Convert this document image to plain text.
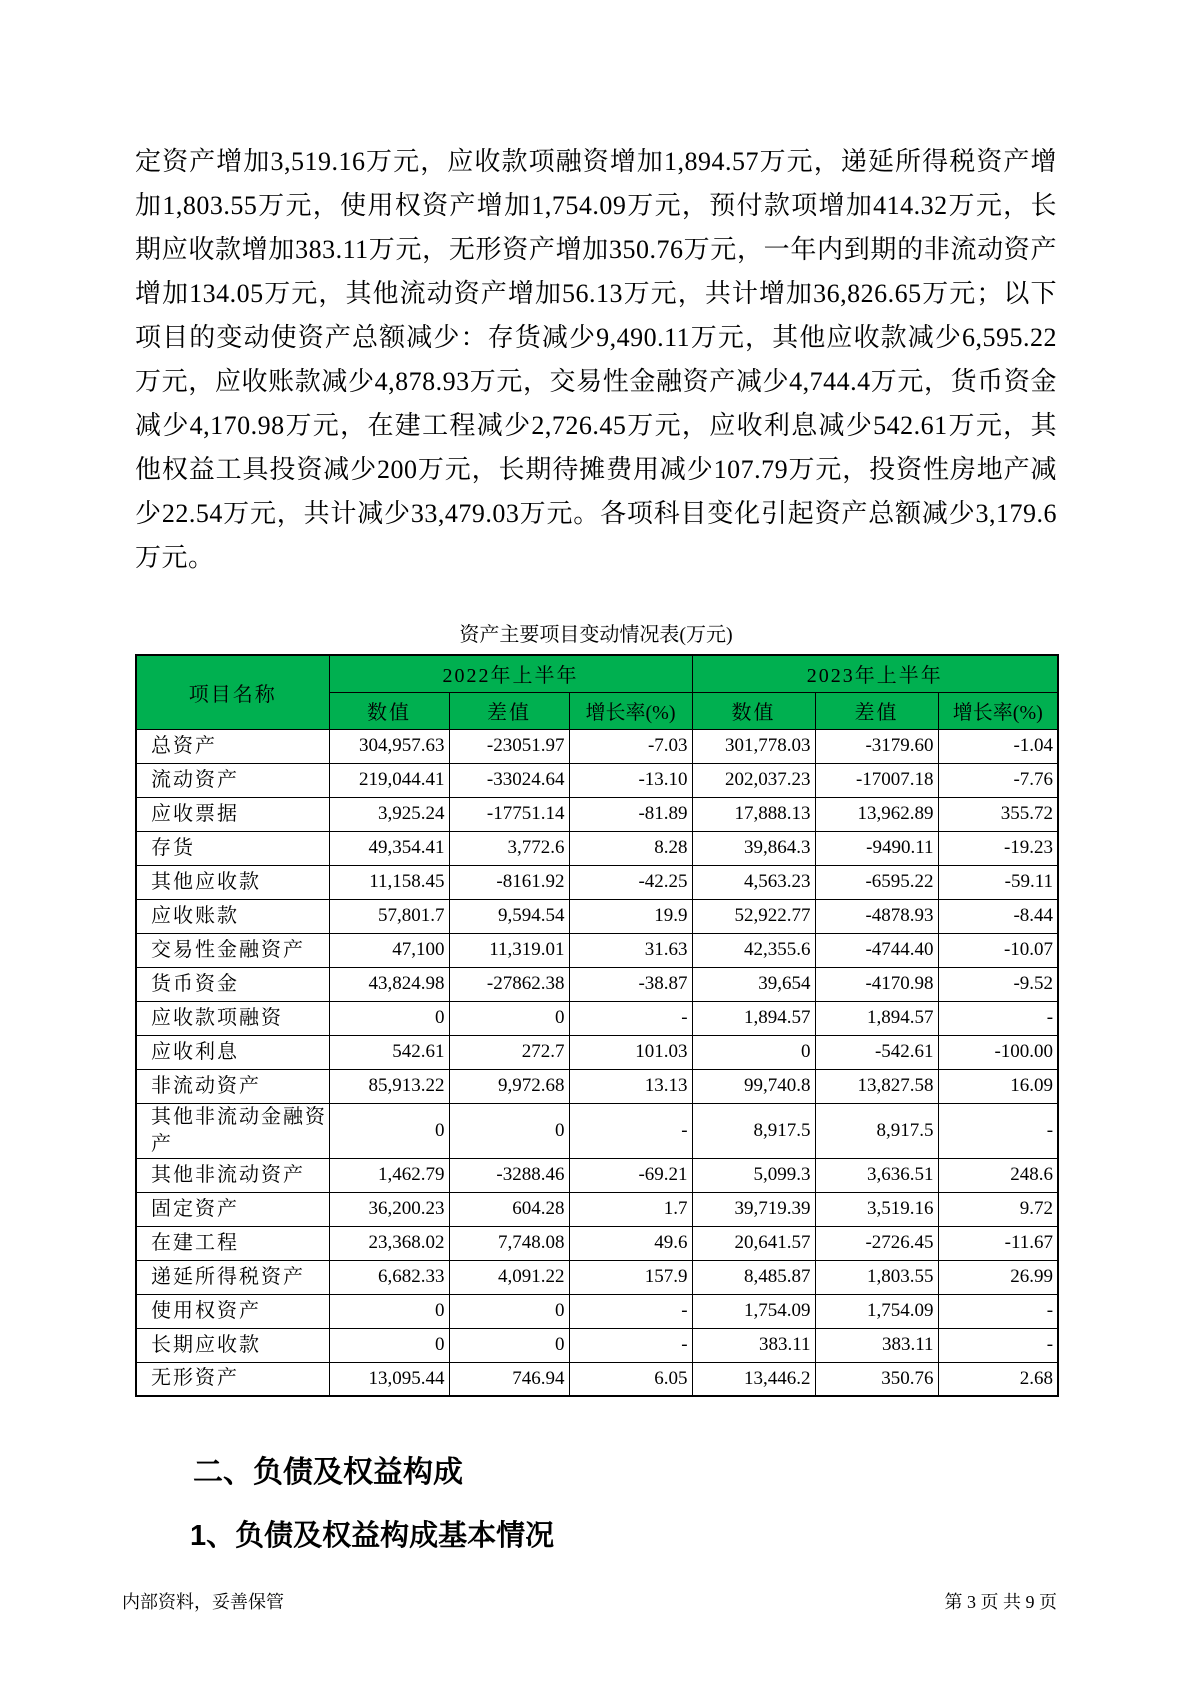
定资产增加3,519.16万元，应收款项融资增加1,894.57万元，递延所得税资产增加1,803.55万元，使用权资产增加1,754.09万元，预付款项增加414.32万元，长期应收款增加383.11万元，无形资产增加350.76万元，一年内到期的非流动资产增加134.05万元，其他流动资产增加56.13万元，共计增加36,826.65万元；以下项目的变动使资产总额减少：存货减少9,490.11万元，其他应收款减少6,595.22万元，应收账款减少4,878.93万元，交易性金融资产减少4,744.4万元，货币资金减少4,170.98万元，在建工程减少2,726.45万元，应收利息减少542.61万元，其他权益工具投资减少200万元，长期待摊费用减少107.79万元，投资性房地产减少22.54万元，共计减少33,479.03万元。各项科目变化引起资产总额减少3,179.6万元。
资产主要项目变动情况表(万元)
项目名称	2022年上半年			2023年上半年		
	数值	差值	增长率(%)	数值	差值	增长率(%)
总资产	304,957.63	-23051.97	-7.03	301,778.03	-3179.60	-1.04
流动资产	219,044.41	-33024.64	-13.10	202,037.23	-17007.18	-7.76
应收票据	3,925.24	-17751.14	-81.89	17,888.13	13,962.89	355.72
存货	49,354.41	3,772.6	8.28	39,864.3	-9490.11	-19.23
其他应收款	11,158.45	-8161.92	-42.25	4,563.23	-6595.22	-59.11
应收账款	57,801.7	9,594.54	19.9	52,922.77	-4878.93	-8.44
交易性金融资产	47,100	11,319.01	31.63	42,355.6	-4744.40	-10.07
货币资金	43,824.98	-27862.38	-38.87	39,654	-4170.98	-9.52
应收款项融资	0	0	-	1,894.57	1,894.57	-
应收利息	542.61	272.7	101.03	0	-542.61	-100.00
非流动资产	85,913.22	9,972.68	13.13	99,740.8	13,827.58	16.09
其他非流动金融资产	0	0	-	8,917.5	8,917.5	-
其他非流动资产	1,462.79	-3288.46	-69.21	5,099.3	3,636.51	248.6
固定资产	36,200.23	604.28	1.7	39,719.39	3,519.16	9.72
在建工程	23,368.02	7,748.08	49.6	20,641.57	-2726.45	-11.67
递延所得税资产	6,682.33	4,091.22	157.9	8,485.87	1,803.55	26.99
使用权资产	0	0	-	1,754.09	1,754.09	-
长期应收款	0	0	-	383.11	383.11	-
无形资产	13,095.44	746.94	6.05	13,446.2	350.76	2.68
二、负债及权益构成
1、负债及权益构成基本情况
内部资料，妥善保管	第 3 页 共 9 页
